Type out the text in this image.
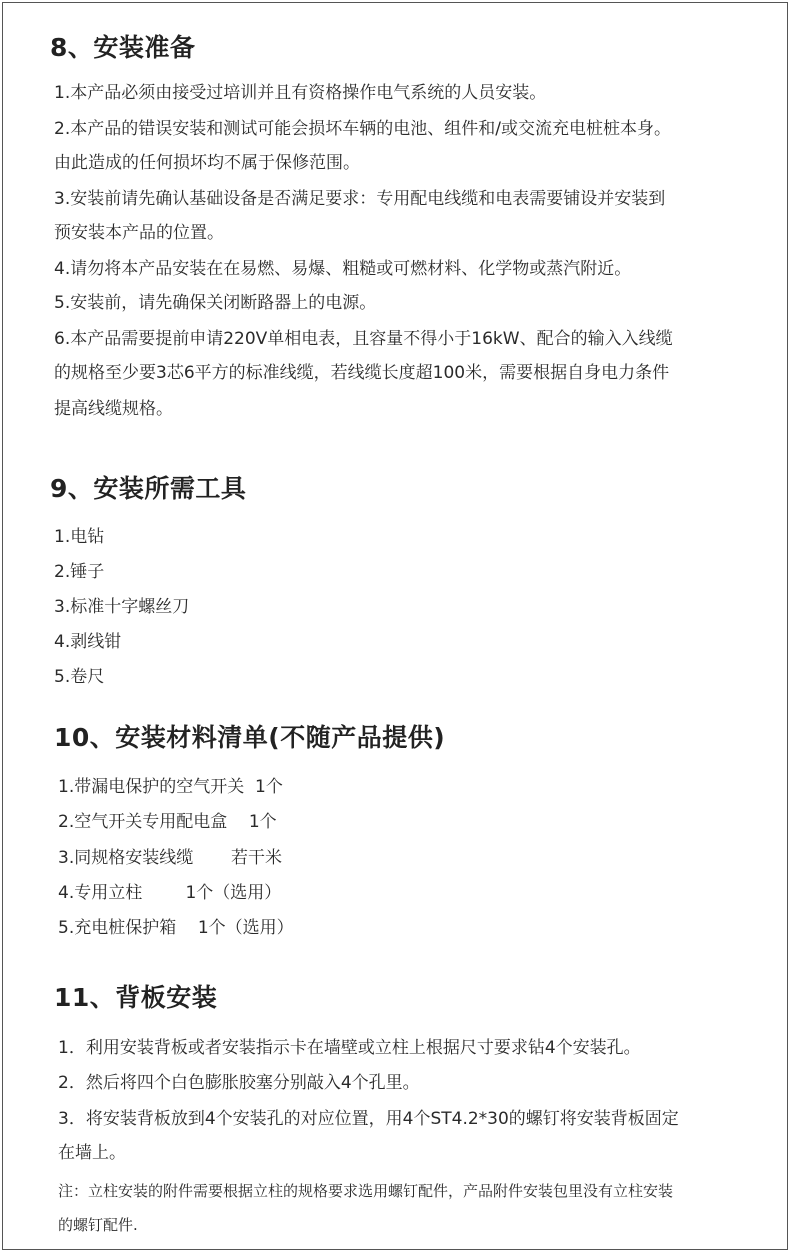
8、安装准备

1.本产品必须由接受过培训并且有资格操作电气系统的人员安装。

2.本产品的错误安装和测试可能会损坏车辆的电池、组件和/或交流充电桩桩本身。

由此造成的任何损坏均不属于保修范围。

3.安装前请先确认基础设备是否满足要求：专用配电线缆和电表需要铺设并安装到

预安装本产品的位置。

4.请勿将本产品安装在在易燃、易爆、粗糙或可燃材料、化学物或蒸汽附近。

5.安装前，请先确保关闭断路器上的电源。

6.本产品需要提前申请220V单相电表，且容量不得小于16kW、配合的输入入线缆

的规格至少要3芯6平方的标准线缆，若线缆长度超100米，需要根据自身电力条件

提高线缆规格。

9、安装所需工具

1.电钻

2.锤子

3.标准十字螺丝刀

4.剥线钳

5.卷尺

10、安装材料清单(不随产品提供)

1.带漏电保护的空气开关  1个

2.空气开关专用配电盒    1个

3.同规格安装线缆       若干米

4.专用立柱        1个（选用）

5.充电桩保护箱    1个（选用）

11、背板安装

1．利用安装背板或者安装指示卡在墙壁或立柱上根据尺寸要求钻4个安装孔。

2．然后将四个白色膨胀胶塞分别敲入4个孔里。

3．将安装背板放到4个安装孔的对应位置，用4个ST4.2*30的螺钉将安装背板固定

在墙上。

注：立柱安装的附件需要根据立柱的规格要求选用螺钉配件，产品附件安装包里没有立柱安装

的螺钉配件.
